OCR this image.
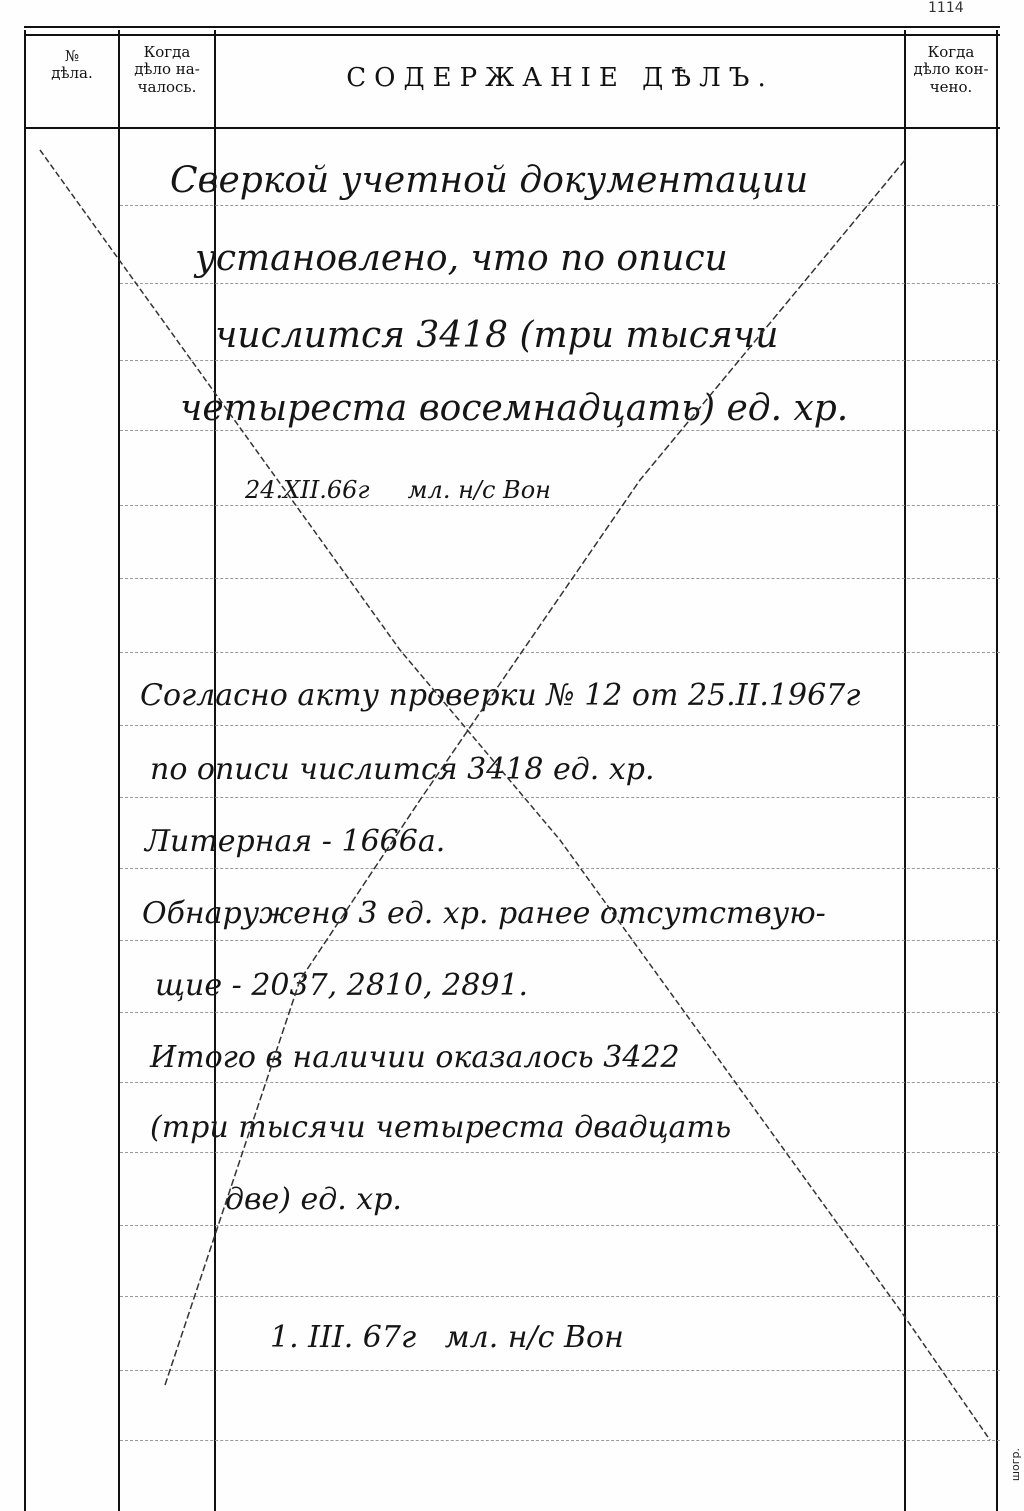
1114
№
дѣла.
Когда
дѣло на-
чалось.	СОДЕРЖАНІЕ ДѢЛЪ.
Когда
дѣло кон-
чено.
Сверкой учетной документации
установлено, что по описи
числится 3418 (три тысячи
четыреста восемнадцать) ед. хр.
24.XII.66г     мл. н/с Вон
Согласно акту проверки № 12 от 25.II.1967г
по описи числится 3418 ед. хр.
Литерная - 1666а.
Обнаружено 3 ед. хр. ранее отсутствую-
щие - 2037, 2810, 2891.
Итого в наличии оказалось 3422
(три тысячи четыреста двадцать
две) ед. хр.
1. III. 67г   мл. н/с Вон
шогр.
